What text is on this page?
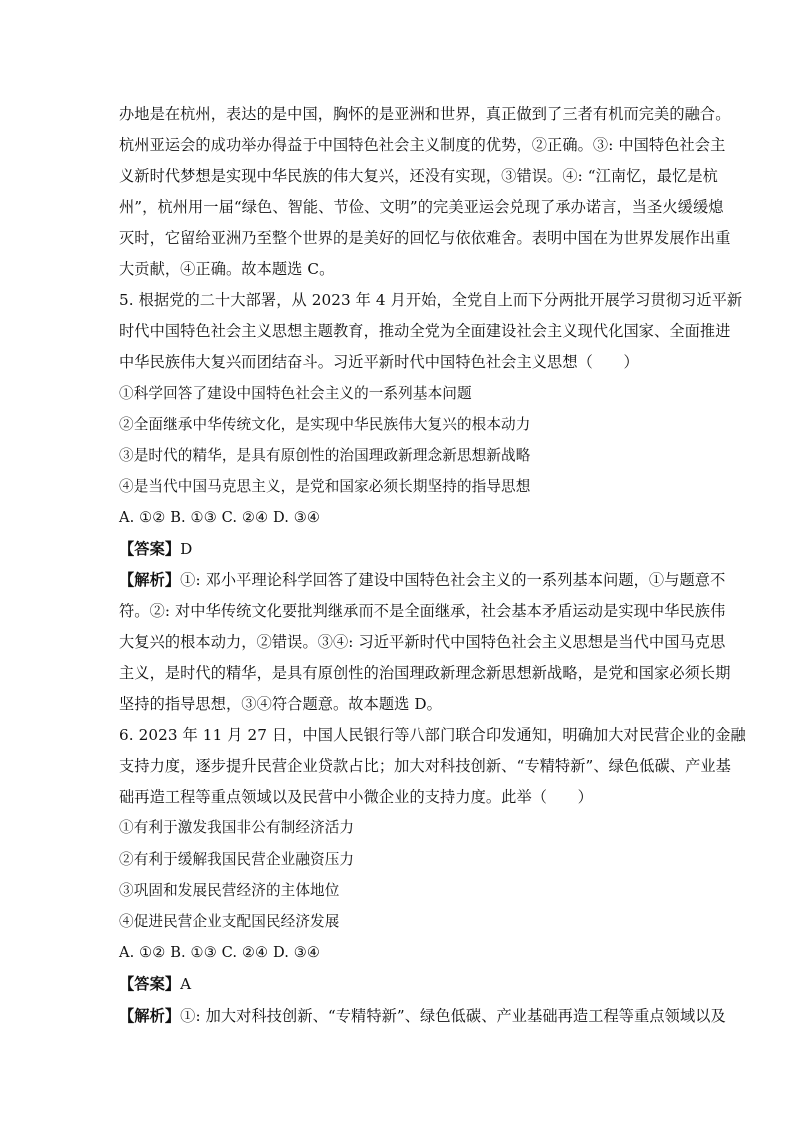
办地是在杭州，表达的是中国，胸怀的是亚洲和世界，真正做到了三者有机而完美的融合。
杭州亚运会的成功举办得益于中国特色社会主义制度的优势，②正确。③: 中国特色社会主
义新时代梦想是实现中华民族的伟大复兴，还没有实现，③错误。④: “江南忆，最忆是杭
州”，杭州用一届“绿色、智能、节俭、文明”的完美亚运会兑现了承办诺言，当圣火缓缓熄
灭时，它留给亚洲乃至整个世界的是美好的回忆与依依难舍。表明中国在为世界发展作出重
大贡献，④正确。故本题选 C。
5. 根据党的二十大部署，从 2023 年 4 月开始，全党自上而下分两批开展学习贯彻习近平新
时代中国特色社会主义思想主题教育，推动全党为全面建设社会主义现代化国家、全面推进
中华民族伟大复兴而团结奋斗。习近平新时代中国特色社会主义思想（　　）
①科学回答了建设中国特色社会主义的一系列基本问题
②全面继承中华传统文化，是实现中华民族伟大复兴的根本动力
③是时代的精华，是具有原创性的治国理政新理念新思想新战略
④是当代中国马克思主义，是党和国家必须长期坚持的指导思想
A. ①② B. ①③ C. ②④ D. ③④
【答案】D
【解析】①: 邓小平理论科学回答了建设中国特色社会主义的一系列基本问题，①与题意不
符。②: 对中华传统文化要批判继承而不是全面继承，社会基本矛盾运动是实现中华民族伟
大复兴的根本动力，②错误。③④: 习近平新时代中国特色社会主义思想是当代中国马克思
主义，是时代的精华，是具有原创性的治国理政新理念新思想新战略，是党和国家必须长期
坚持的指导思想，③④符合题意。故本题选 D。
6. 2023 年 11 月 27 日，中国人民银行等八部门联合印发通知，明确加大对民营企业的金融
支持力度，逐步提升民营企业贷款占比；加大对科技创新、“专精特新”、绿色低碳、产业基
础再造工程等重点领域以及民营中小微企业的支持力度。此举（　　）
①有利于激发我国非公有制经济活力
②有利于缓解我国民营企业融资压力
③巩固和发展民营经济的主体地位
④促进民营企业支配国民经济发展
A. ①② B. ①③ C. ②④ D. ③④
【答案】A
【解析】①: 加大对科技创新、“专精特新”、绿色低碳、产业基础再造工程等重点领域以及
